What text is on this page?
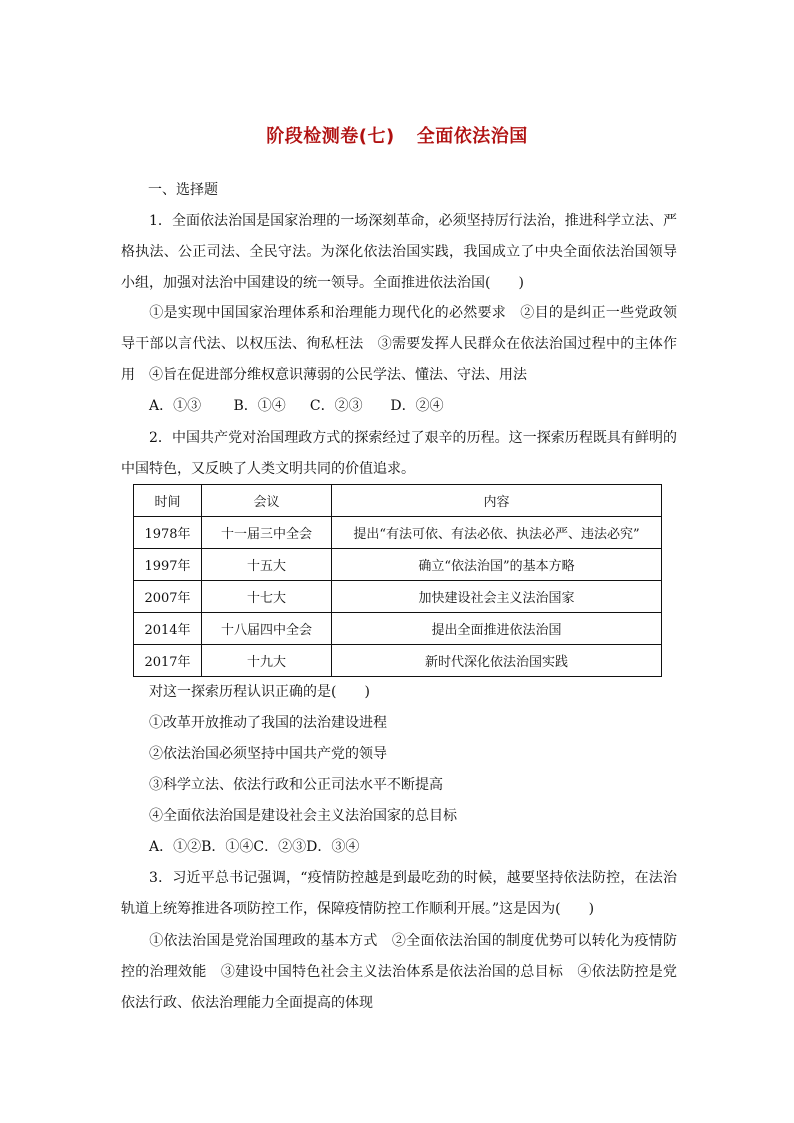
阶段检测卷(七) 全面依法治国
一、选择题
1．全面依法治国是国家治理的一场深刻革命，必须坚持厉行法治，推进科学立法、严格执法、公正司法、全民守法。为深化依法治国实践，我国成立了中央全面依法治国领导小组，加强对法治中国建设的统一领导。全面推进依法治国(　　)
①是实现中国国家治理体系和治理能力现代化的必然要求　②目的是纠正一些党政领导干部以言代法、以权压法、徇私枉法　③需要发挥人民群众在依法治国过程中的主体作用	④旨在促进部分维权意识薄弱的公民学法、懂法、守法、用法
A．①③ B．①④ C．②③ D．②④
2．中国共产党对治国理政方式的探索经过了艰辛的历程。这一探索历程既具有鲜明的中国特色，又反映了人类文明共同的价值追求。
时间	会议	内容
1978年	十一届三中全会	提出“有法可依、有法必依、执法必严、违法必究”
1997年	十五大	确立“依法治国”的基本方略
2007年	十七大	加快建设社会主义法治国家
2014年	十八届四中全会	提出全面推进依法治国
2017年	十九大	新时代深化依法治国实践
对这一探索历程认识正确的是(　　)
①改革开放推动了我国的法治建设进程
②依法治国必须坚持中国共产党的领导
③科学立法、依法行政和公正司法水平不断提高
④全面依法治国是建设社会主义法治国家的总目标
A．①②B．①④C．②③D．③④
3．习近平总书记强调，“疫情防控越是到最吃劲的时候，越要坚持依法防控，在法治轨道上统筹推进各项防控工作，保障疫情防控工作顺利开展。”这是因为(　　)
①依法治国是党治国理政的基本方式　②全面依法治国的制度优势可以转化为疫情防控的治理效能　③建设中国特色社会主义法治体系是依法治国的总目标　④依法防控是党依法行政、依法治理能力全面提高的体现
